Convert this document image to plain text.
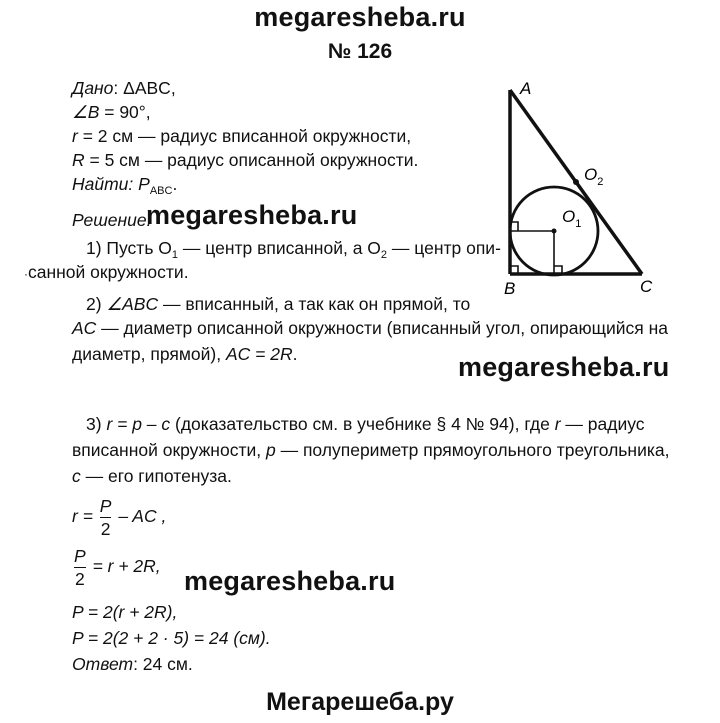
megaresheba.ru
№ 126
Дано: ΔABC,
∠B = 90°,
r = 2 см — радиус вписанной окружности,
R = 5 см — радиус описанной окружности.
Найти: $P_{ABC}$.
Решение.
megaresheba.ru
1) Пусть $O_1$ — центр вписанной, а $O_2$ — центр опи-
·санной окружности.
2) ∠ABC — вписанный, а так как он прямой, то
AC — диаметр описанной окружности (вписанный угол, опирающийся на
диаметр, прямой), AC = 2R.	megaresheba.ru
3) r = p – c (доказательство см. в учебнике § 4 № 94), где r — радиус
вписанной окружности, p — полупериметр прямоугольного треугольника,
c — его гипотенуза.
$r = \frac{P}{2}$ – AC ,
$\frac{P}{2} = r + 2R$, megaresheba.ru
P = 2(r + 2R),
P = 2(2 + 2 · 5) = 24 (см).
Ответ: 24 см.
A
B	C
$O_1$
$O_2$
Мегарешеба.ру
